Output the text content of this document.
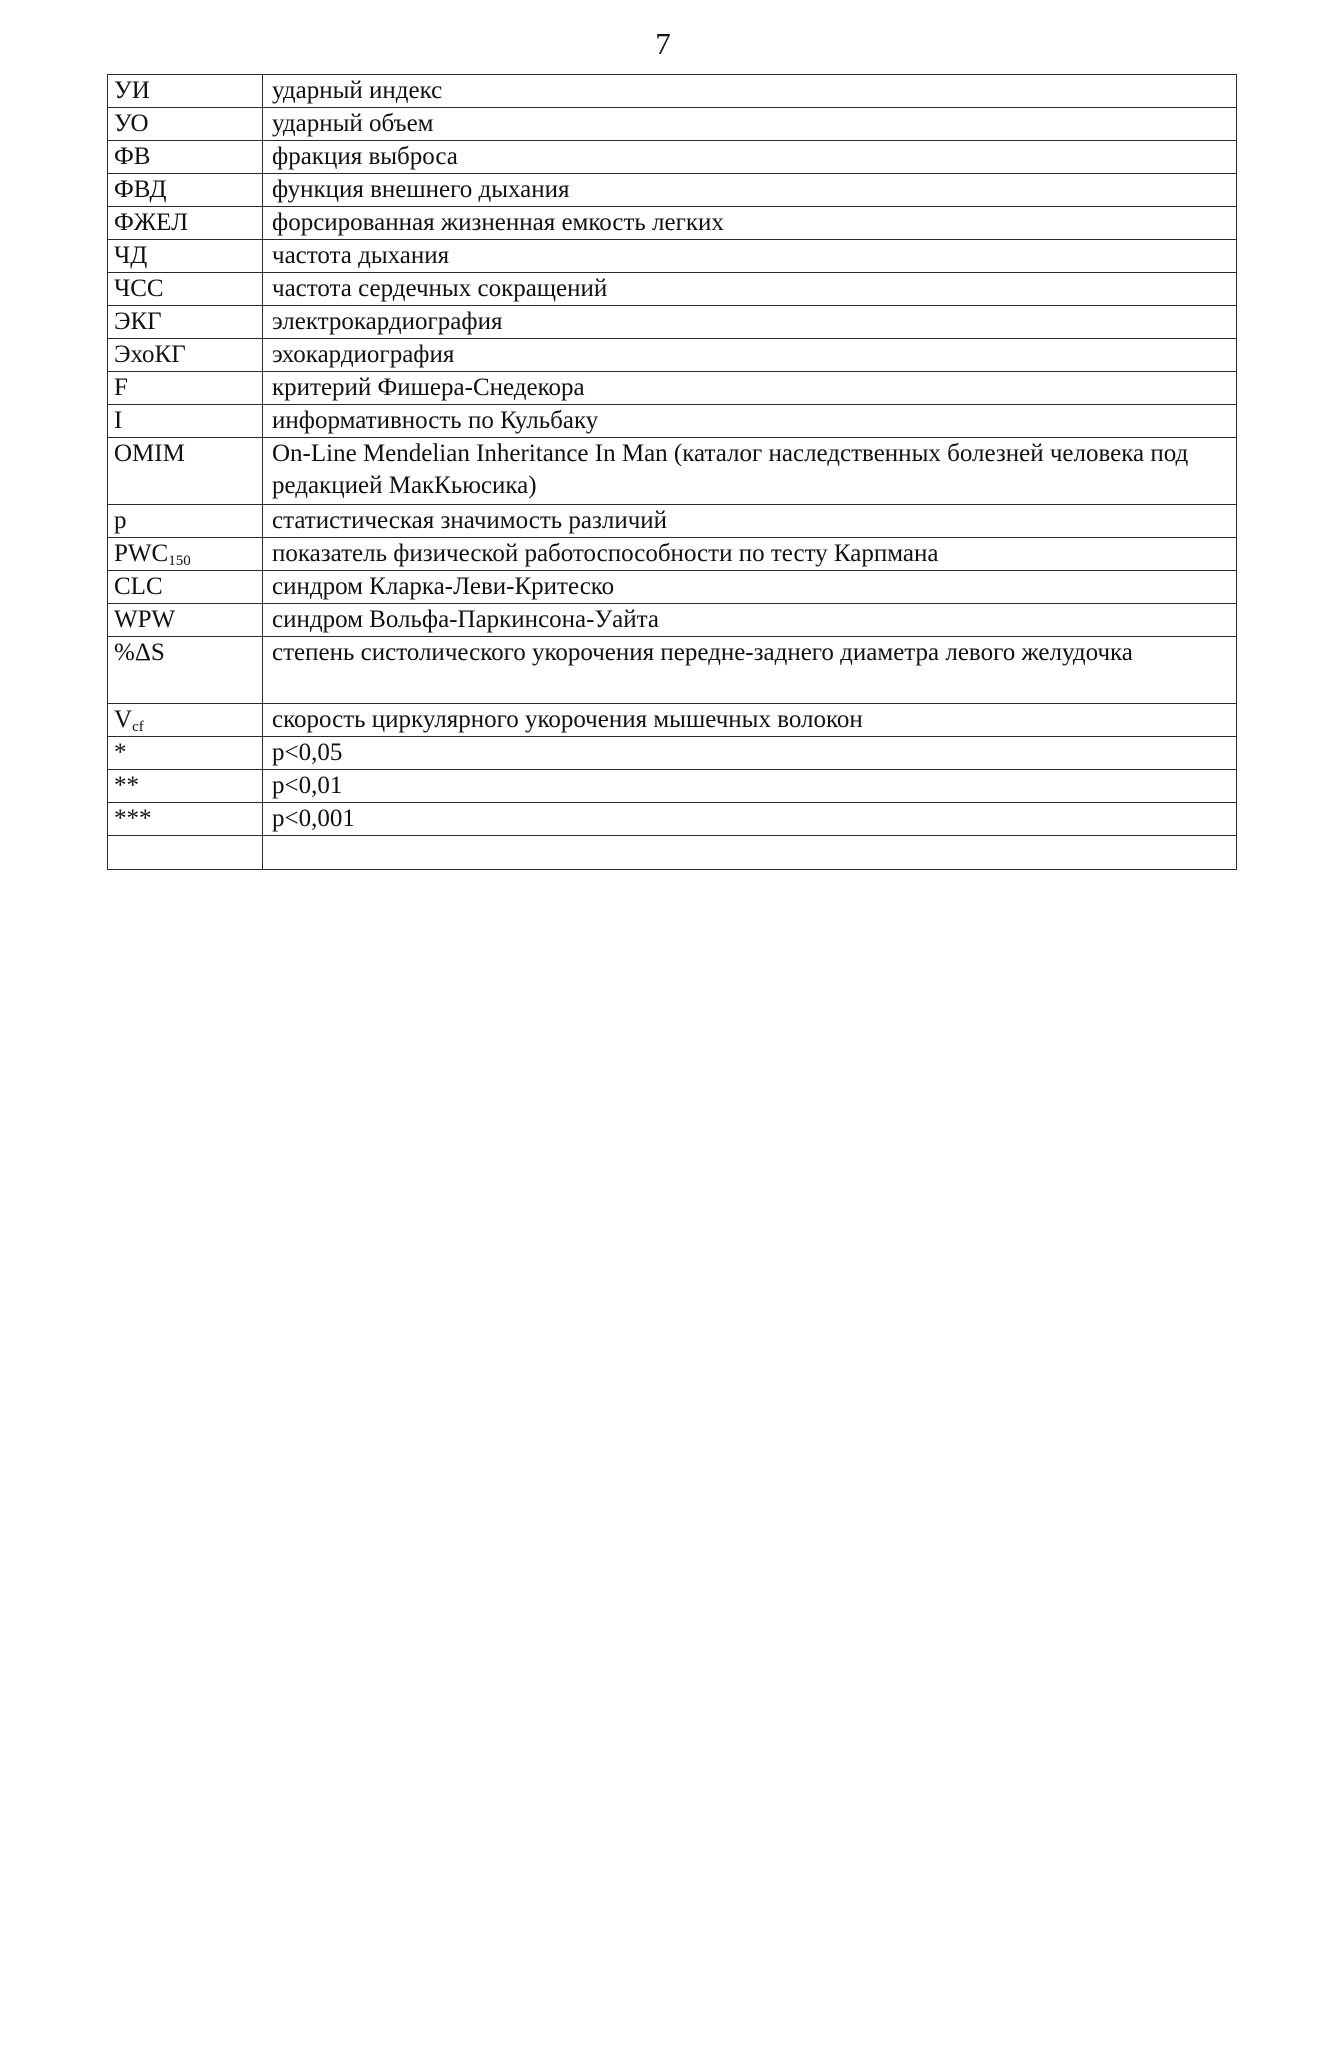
7
УИ	ударный индекс
УО	ударный объем
ФВ	фракция выброса
ФВД	функция внешнего дыхания
ФЖЕЛ	форсированная жизненная емкость легких
ЧД	частота дыхания
ЧСС	частота сердечных сокращений
ЭКГ	электрокардиография
ЭхоКГ	эхокардиография
F	критерий Фишера-Снедекора
I	информативность по Кульбаку
OMIM	On-Line Mendelian Inheritance In Man (каталог наследственных болезней человека под редакцией МакКьюсика)
p	статистическая значимость различий
$PWC_{150}$	показатель физической работоспособности по тесту Карпмана
CLC	синдром Кларка-Леви-Критеско
WPW	синдром Вольфа-Паркинсона-Уайта
%ΔS	степень систолического укорочения передне-заднего диаметра левого желудочка
$V_{cf}$	скорость циркулярного укорочения мышечных волокон
*	p<0,05
**	p<0,01
***	p<0,001
